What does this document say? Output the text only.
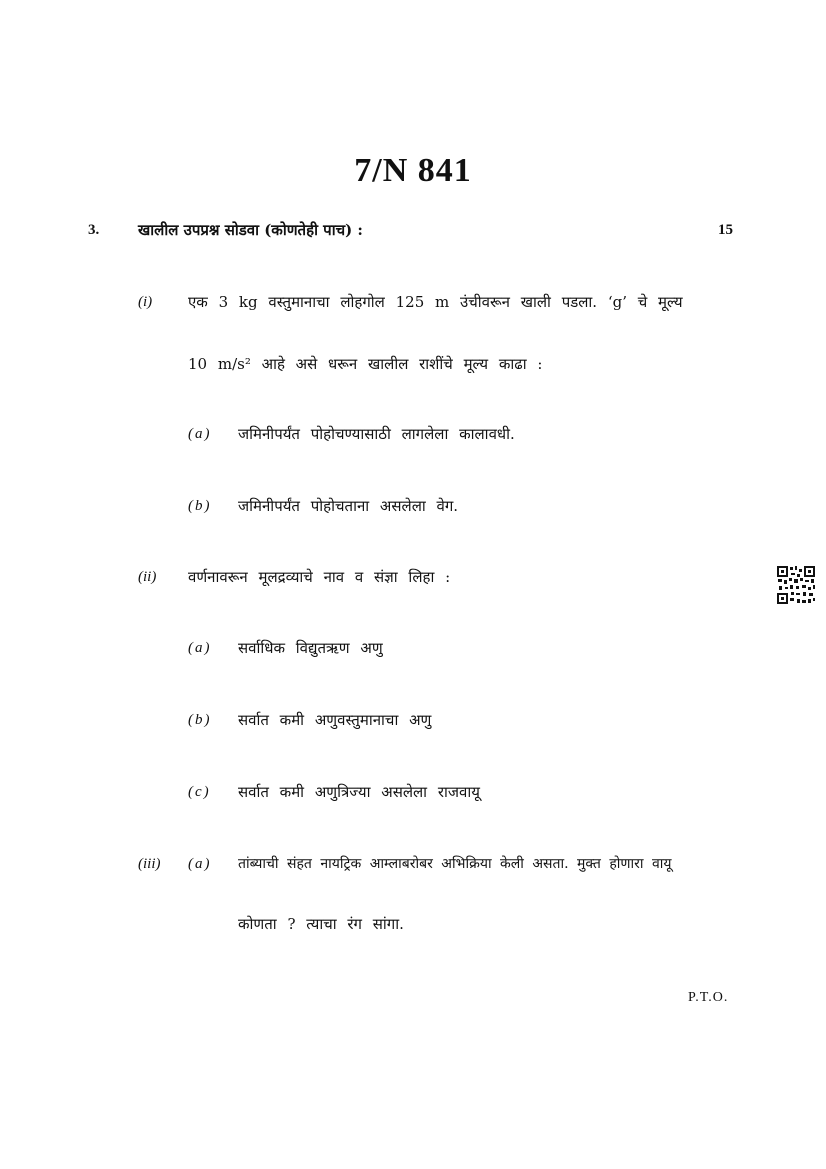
7/N 841
3.	खालील उपप्रश्न सोडवा (कोणतेही पाच) :	15
(i) एक 3 kg वस्तुमानाचा लोहगोल 125 m उंचीवरून खाली पडला. ‘g’ चे मूल्य
10 m/s² आहे असे धरून खालील राशींचे मूल्य काढा :
(a) जमिनीपर्यंत पोहोचण्यासाठी लागलेला कालावधी.
(b) जमिनीपर्यंत पोहोचताना असलेला वेग.
(ii) वर्णनावरून मूलद्रव्याचे नाव व संज्ञा लिहा :
(a) सर्वाधिक विद्युतऋण अणु
(b) सर्वात कमी अणुवस्तुमानाचा अणु
(c) सर्वात कमी अणुत्रिज्या असलेला राजवायू
(iii) (a) तांब्याची संहत नायट्रिक आम्लाबरोबर अभिक्रिया केली असता. मुक्त होणारा वायू
कोणता ? त्याचा रंग सांगा.
P.T.O.
